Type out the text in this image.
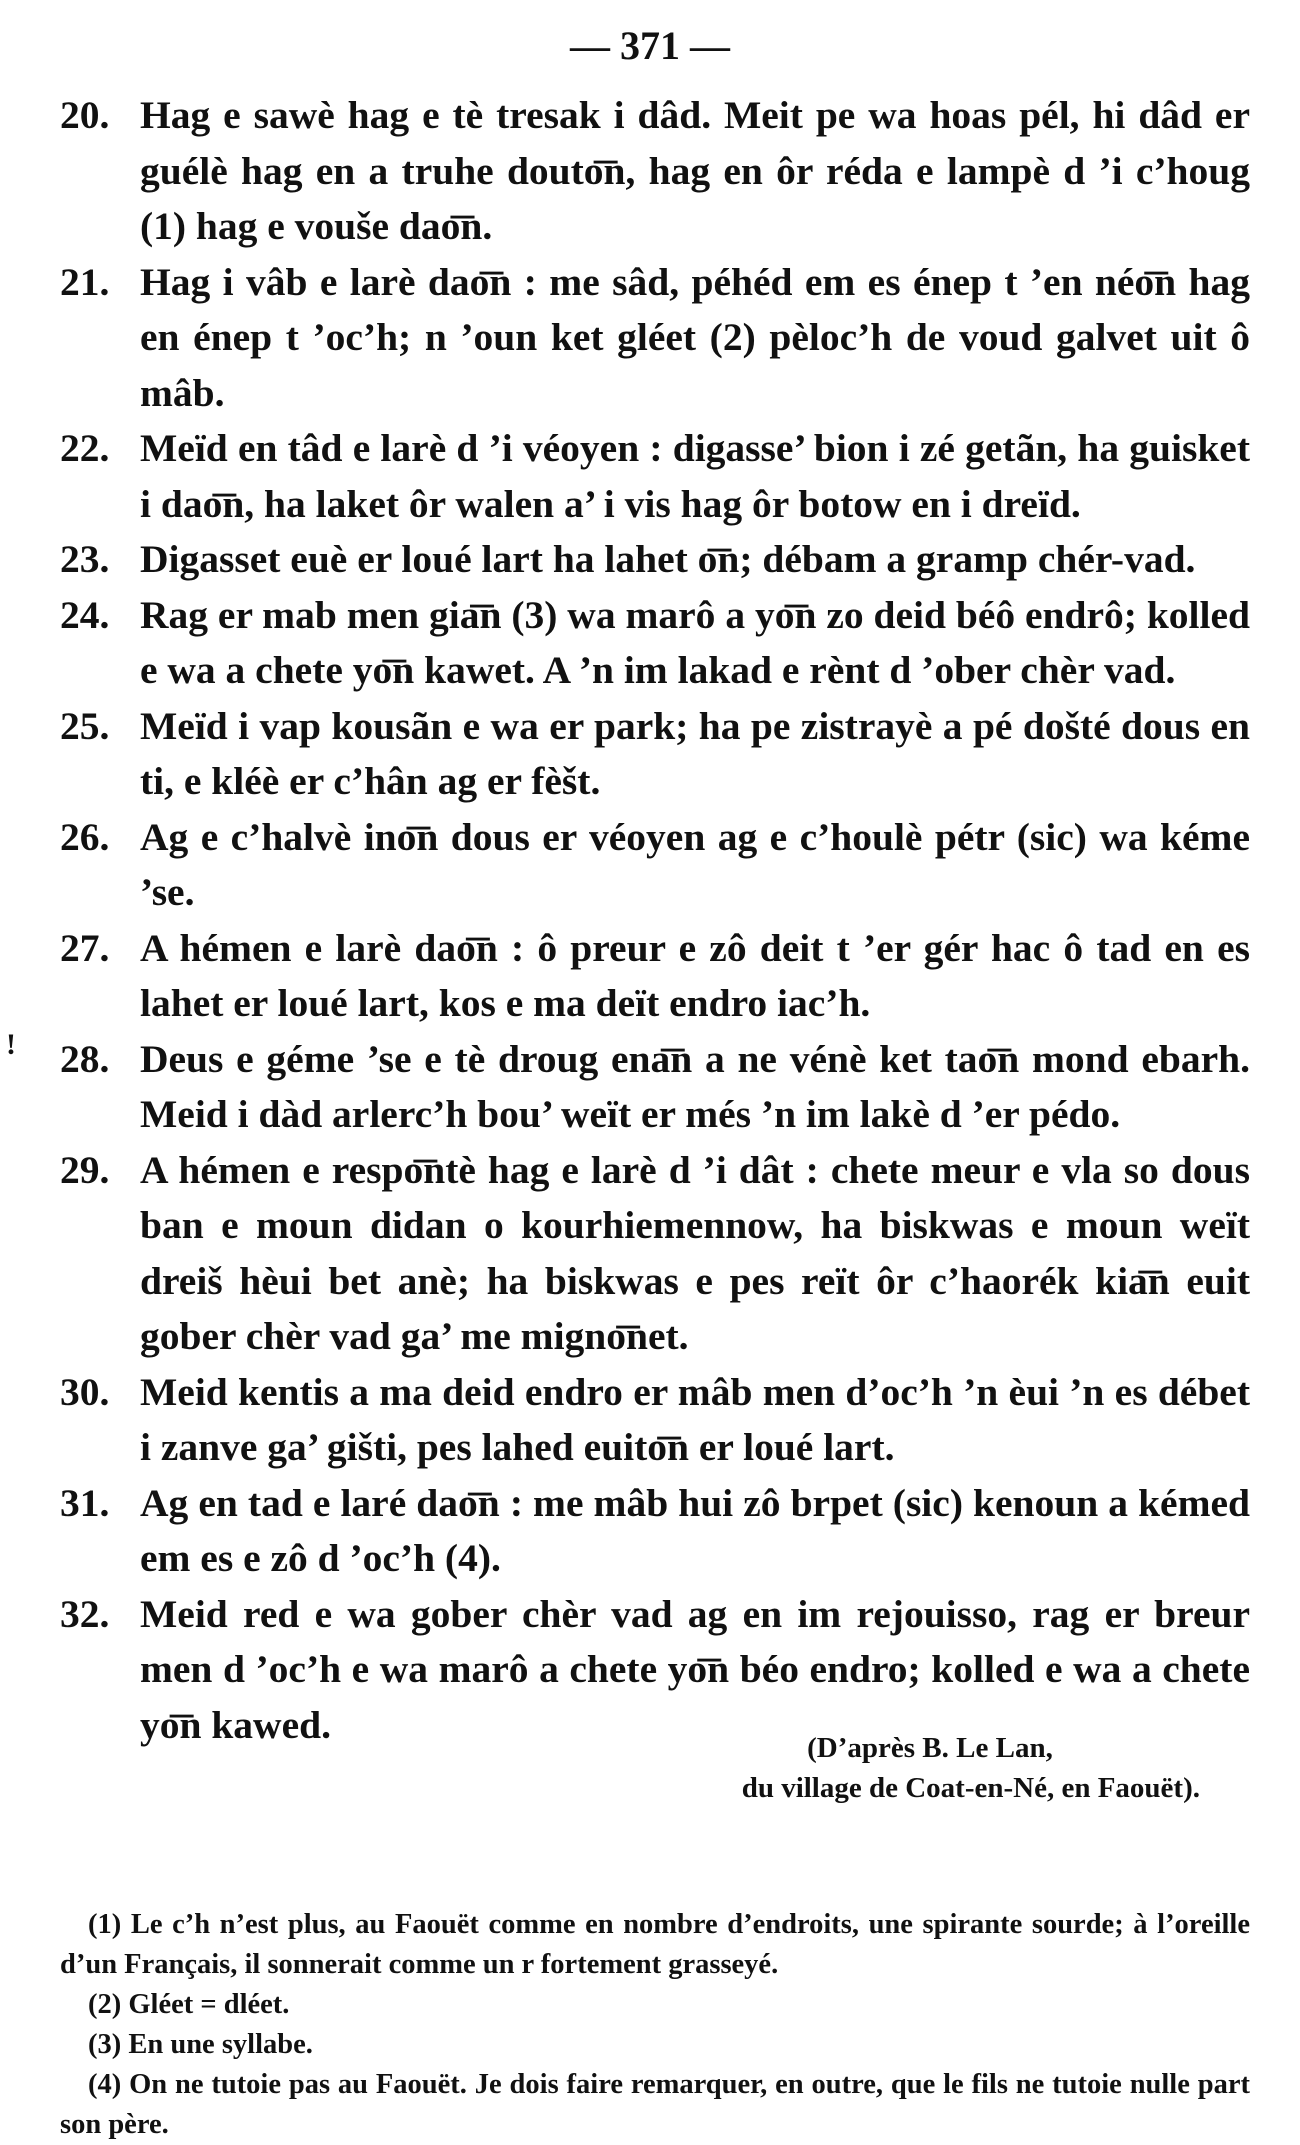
— 371 —
!
20. Hag e sawè hag e tè tresak i dâd. Meit pe wa hoas pél, hi dâd er guélè hag en a truhe douto͞n, hag en ôr réda e lampè d ’i c’houg (1) hag e vouše dao͞n.
21. Hag i vâb e larè dao͞n : me sâd, péhéd em es énep t ’en néo͞n hag en énep t ’oc’h; n ’oun ket gléet (2) pèloc’h de voud galvet uit ô mâb.
22. Meïd en tâd e larè d ’i véoyen : digasse’ bion i zé getãn, ha guisket i dao͞n, ha laket ôr walen a’ i vis hag ôr botow en i dreïd.
23. Digasset euè er loué lart ha lahet o͞n; débam a gramp chér-vad.
24. Rag er mab men gia͞n (3) wa marô a yo͞n zo deid béô endrô; kolled e wa a chete yo͞n kawet. A ’n im lakad e rènt d ’ober chèr vad.
25. Meïd i vap kousãn e wa er park; ha pe zistrayè a pé došté dous en ti, e kléè er c’hân ag er fèšt.
26. Ag e c’halvè ino͞n dous er véoyen ag e c’houlè pétr (sic) wa kéme ’se.
27. A hémen e larè dao͞n : ô preur e zô deit t ’er gér hac ô tad en es lahet er loué lart, kos e ma deït endro iac’h.
28. Deus e géme ’se e tè droug ena͞n a ne vénè ket tao͞n mond ebarh. Meid i dàd arlerc’h bou’ weït er més ’n im lakè d ’er pédo.
29. A hémen e respo͞ntè hag e larè d ’i dât : chete meur e vla so dous ban e moun didan o kourhiemennow, ha biskwas e moun weït dreiš hèui bet anè; ha biskwas e pes reït ôr c’haorék kia͞n euit gober chèr vad ga’ me migno͞net.
30. Meid kentis a ma deid endro er mâb men d’oc’h ’n èui ’n es débet i zanve ga’ gišti, pes lahed euito͞n er loué lart.
31. Ag en tad e laré dao͞n : me mâb hui zô brpet (sic) kenoun a kémed em es e zô d ’oc’h (4).
32. Meid red e wa gober chèr vad ag en im rejouisso, rag er breur men d ’oc’h e wa marô a chete yo͞n béo endro; kolled e wa a chete yo͞n kawed.
(D’après B. Le Lan,
du village de Coat-en-Né, en Faouët).
(1) Le c’h n’est plus, au Faouët comme en nombre d’endroits, une spirante sourde; à l’oreille d’un Français, il sonnerait comme un r fortement grasseyé.
(2) Gléet = dléet.
(3) En une syllabe.
(4) On ne tutoie pas au Faouët. Je dois faire remarquer, en outre, que le fils ne tutoie nulle part son père.
